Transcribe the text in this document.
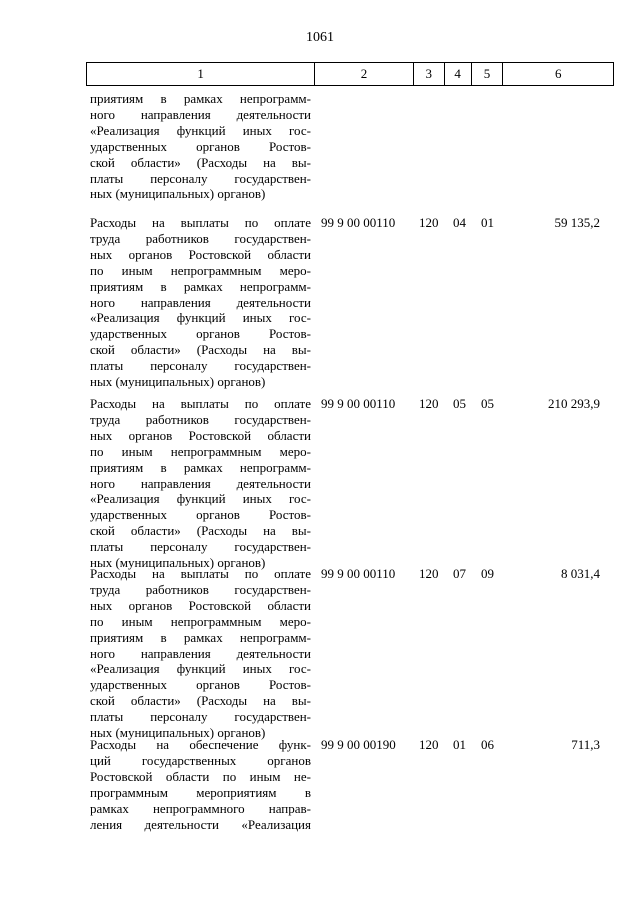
1061
1	2	3	4	5	6
приятиям в рамках непрограмм-
ного направления деятельности
«Реализация функций иных гос-
ударственных органов Ростов-
ской области» (Расходы на вы-
платы персоналу государствен-
ных (муниципальных) органов)
Расходы на выплаты по оплате
труда работников государствен-
ных органов Ростовской области
по иным непрограммным меро-
приятиям в рамках непрограмм-
ного направления деятельности
«Реализация функций иных гос-
ударственных органов Ростов-
ской области» (Расходы на вы-
платы персоналу государствен-
ных (муниципальных) органов)
99 9 00 00110 120 04 01	59 135,2
Расходы на выплаты по оплате
труда работников государствен-
ных органов Ростовской области
по иным непрограммным меро-
приятиям в рамках непрограмм-
ного направления деятельности
«Реализация функций иных гос-
ударственных органов Ростов-
ской области» (Расходы на вы-
платы персоналу государствен-
ных (муниципальных) органов)
99 9 00 00110 120 05 05	210 293,9
Расходы на выплаты по оплате
труда работников государствен-
ных органов Ростовской области
по иным непрограммным меро-
приятиям в рамках непрограмм-
ного направления деятельности
«Реализация функций иных гос-
ударственных органов Ростов-
ской области» (Расходы на вы-
платы персоналу государствен-
ных (муниципальных) органов)
99 9 00 00110 120 07 09	8 031,4
Расходы на обеспечение функ-
ций государственных органов
Ростовской области по иным не-
программным мероприятиям в
рамках непрограммного направ-
ления деятельности «Реализация
99 9 00 00190 120 01 06	711,3
